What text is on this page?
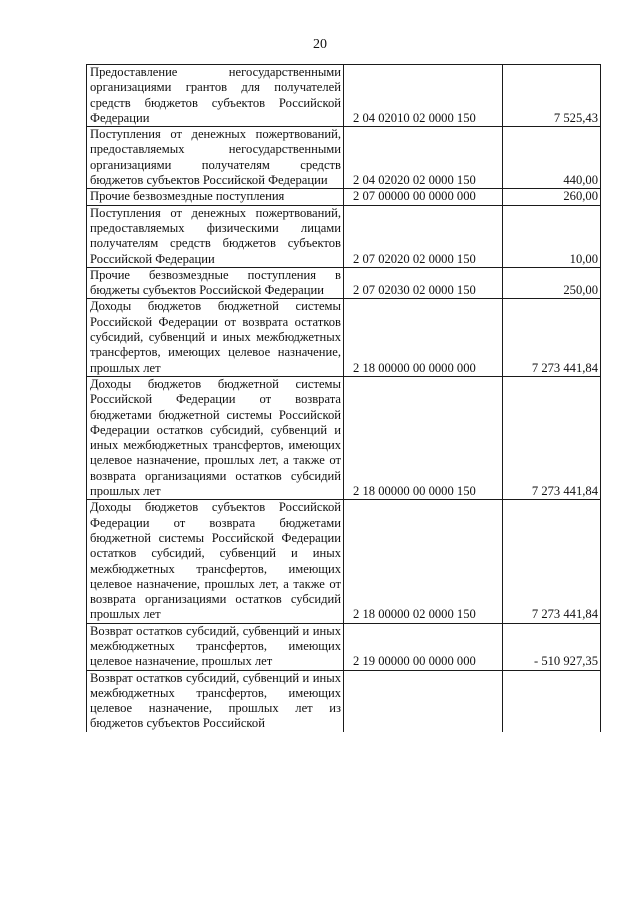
20
Предоставление негосударственными организациями грантов для получателей средств бюджетов субъектов Российской Федерации	2 04 02010 02 0000 150	7 525,43

Поступления от денежных пожертвований, предоставляемых негосударственными организациями получателям средств бюджетов субъектов Российской Федерации	2 04 02020 02 0000 150	440,00

Прочие безвозмездные поступления	2 07 00000 00 0000 000	260,00

Поступления от денежных пожертвований, предоставляемых физическими лицами получателям средств бюджетов субъектов Российской Федерации	2 07 02020 02 0000 150	10,00

Прочие безвозмездные поступления в бюджеты субъектов Российской Федерации	2 07 02030 02 0000 150	250,00

Доходы бюджетов бюджетной системы Российской Федерации от возврата остатков субсидий, субвенций и иных межбюджетных трансфертов, имеющих целевое назначение, прошлых лет	2 18 00000 00 0000 000	7 273 441,84

Доходы бюджетов бюджетной системы Российской Федерации от возврата бюджетами бюджетной системы Российской Федерации остатков субсидий, субвенций и иных межбюджетных трансфертов, имеющих целевое назначение, прошлых лет, а также от возврата организациями остатков субсидий прошлых лет	2 18 00000 00 0000 150	7 273 441,84

Доходы бюджетов субъектов Российской Федерации от возврата бюджетами бюджетной системы Российской Федерации остатков субсидий, субвенций и иных межбюджетных трансфертов, имеющих целевое назначение, прошлых лет, а также от возврата организациями остатков субсидий прошлых лет	2 18 00000 02 0000 150	7 273 441,84

Возврат остатков субсидий, субвенций и иных межбюджетных трансфертов, имеющих целевое назначение, прошлых лет	2 19 00000 00 0000 000	- 510 927,35

Возврат остатков субсидий, субвенций и иных межбюджетных трансфертов, имеющих целевое назначение, прошлых лет из бюджетов субъектов Российской		
